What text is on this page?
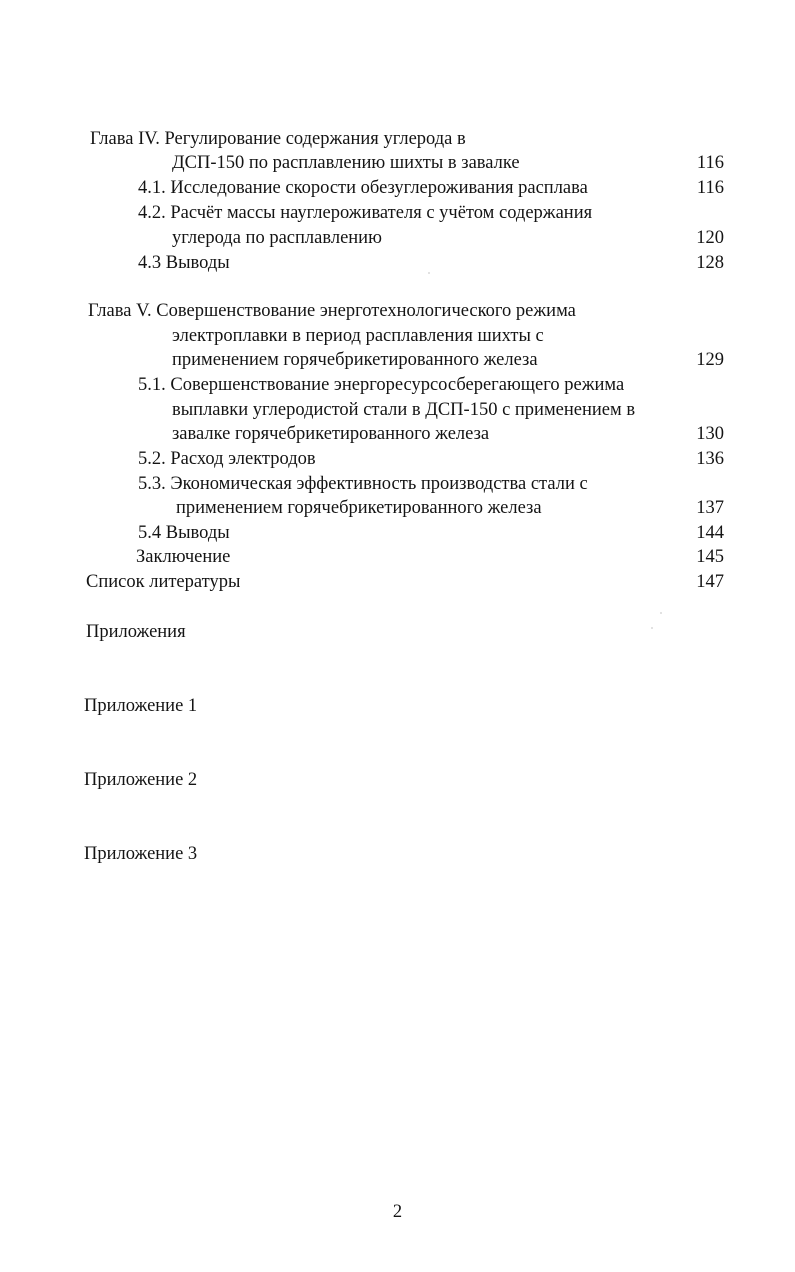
Глава IV. Регулирование содержания углерода в
ДСП-150 по расплавлению шихты в завалке	116
4.1. Исследование скорости обезуглероживания расплава	116
4.2. Расчёт массы науглероживателя с учётом содержания
углерода по расплавлению	120
4.3 Выводы	128
Глава V. Совершенствование энерготехнологического режима
электроплавки в период расплавления шихты с
применением горячебрикетированного железа	129
5.1. Совершенствование энергоресурсосберегающего режима
выплавки углеродистой стали в ДСП-150 с применением в
завалке горячебрикетированного железа	130
5.2. Расход электродов	136
5.3. Экономическая эффективность производства стали с
применением горячебрикетированного железа	137
5.4 Выводы	144
Заключение	145
Список литературы	147
Приложения
Приложение 1
Приложение 2
Приложение 3
2
